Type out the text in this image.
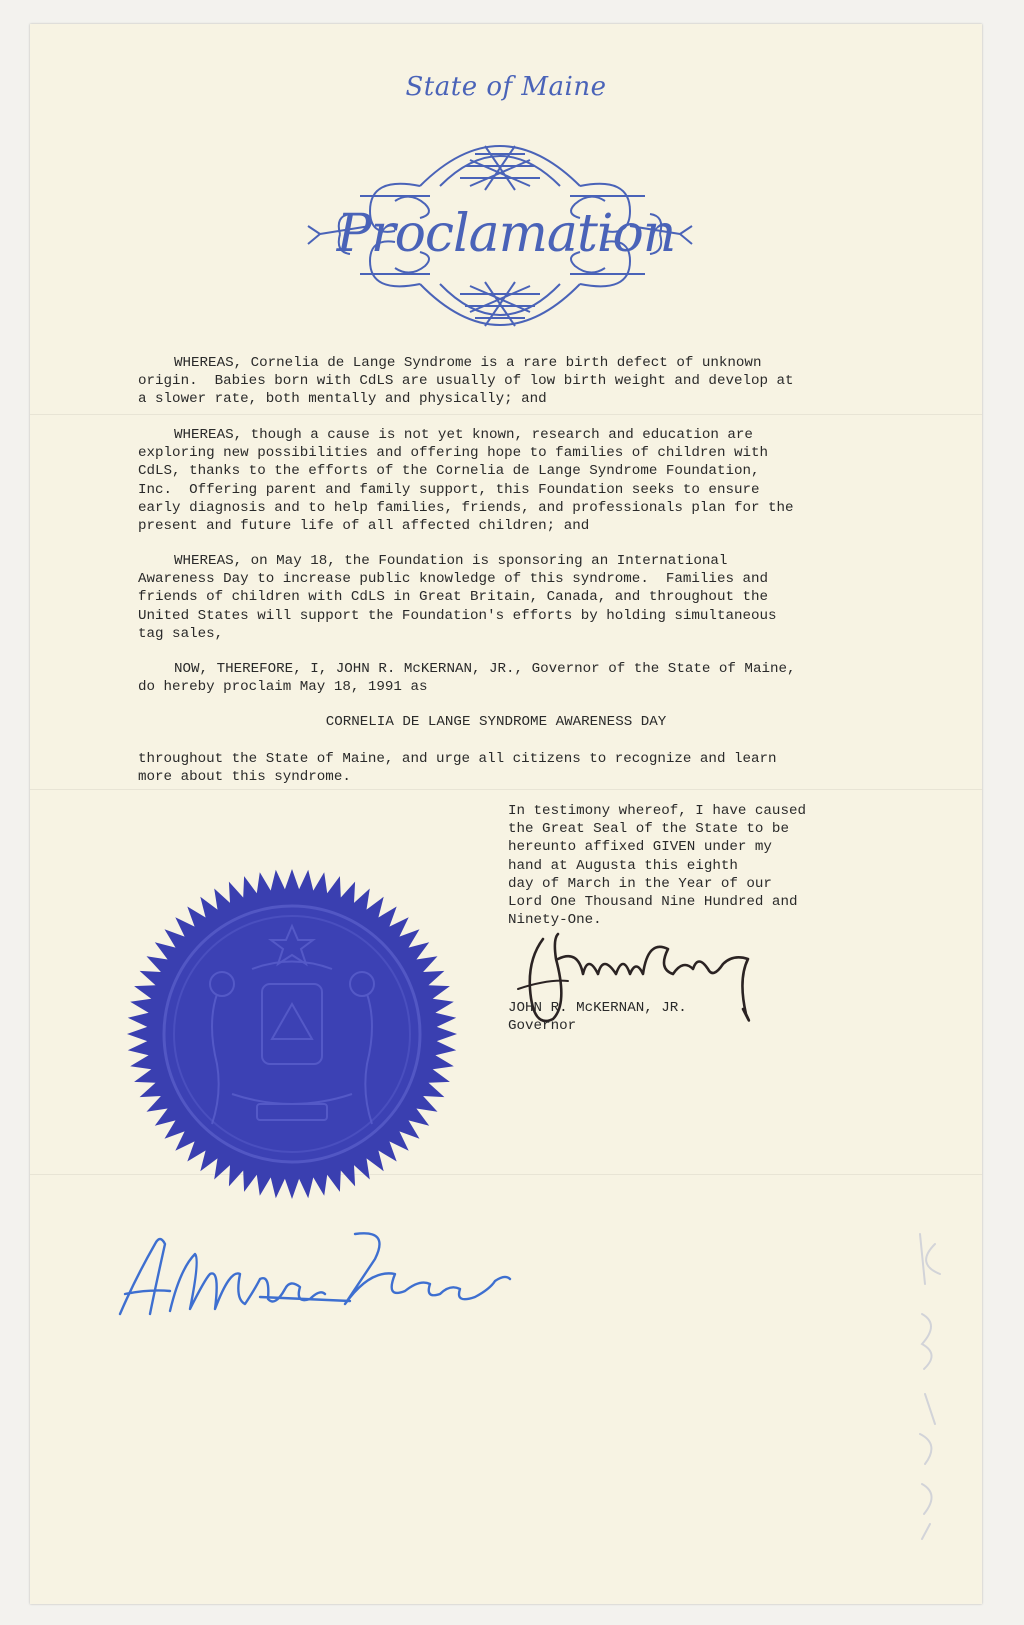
State of Maine
Proclamation
WHEREAS, Cornelia de Lange Syndrome is a rare birth defect of unknown
origin.  Babies born with CdLS are usually of low birth weight and develop at
a slower rate, both mentally and physically; and
WHEREAS, though a cause is not yet known, research and education are
exploring new possibilities and offering hope to families of children with
CdLS, thanks to the efforts of the Cornelia de Lange Syndrome Foundation,
Inc.  Offering parent and family support, this Foundation seeks to ensure
early diagnosis and to help families, friends, and professionals plan for the
present and future life of all affected children; and
WHEREAS, on May 18, the Foundation is sponsoring an International
Awareness Day to increase public knowledge of this syndrome.  Families and
friends of children with CdLS in Great Britain, Canada, and throughout the
United States will support the Foundation's efforts by holding simultaneous
tag sales,
NOW, THEREFORE, I, JOHN R. McKERNAN, JR., Governor of the State of Maine,
do hereby proclaim May 18, 1991 as
CORNELIA DE LANGE SYNDROME AWARENESS DAY
throughout the State of Maine, and urge all citizens to recognize and learn
more about this syndrome.
In testimony whereof, I have caused
the Great Seal of the State to be
hereunto affixed GIVEN under my
hand at Augusta this eighth
day of March in the Year of our
Lord One Thousand Nine Hundred and
Ninety-One.
JOHN R. McKERNAN, JR.
Governor
